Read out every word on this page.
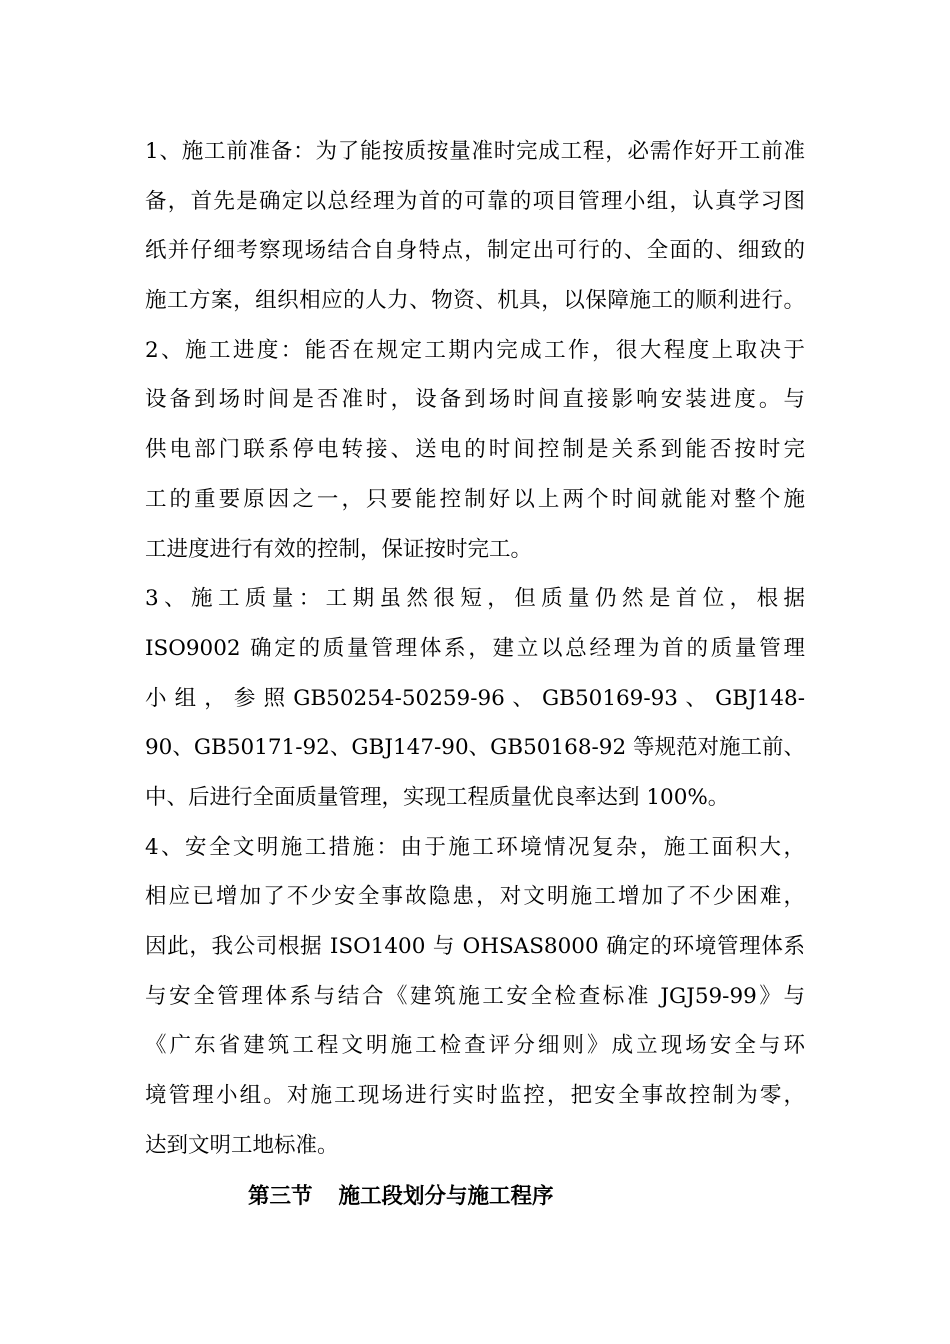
1、施工前准备：为了能按质按量准时完成工程，必需作好开工前准
备，首先是确定以总经理为首的可靠的项目管理小组，认真学习图
纸并仔细考察现场结合自身特点，制定出可行的、全面的、细致的
施工方案，组织相应的人力、物资、机具，以保障施工的顺利进行。
2、施工进度：能否在规定工期内完成工作，很大程度上取决于
设备到场时间是否准时，设备到场时间直接影响安装进度。与
供电部门联系停电转接、送电的时间控制是关系到能否按时完
工的重要原因之一，只要能控制好以上两个时间就能对整个施
工进度进行有效的控制，保证按时完工。
3、施工质量：工期虽然很短，但质量仍然是首位，根据
ISO9002 确定的质量管理体系，建立以总经理为首的质量管理
小 组 ， 参 照 GB50254-50259-96 、 GB50169-93 、 GBJ148-
90、GB50171-92、GBJ147-90、GB50168-92 等规范对施工前、
中、后进行全面质量管理，实现工程质量优良率达到 100%。
4、安全文明施工措施：由于施工环境情况复杂，施工面积大，
相应已增加了不少安全事故隐患，对文明施工增加了不少困难，
因此，我公司根据 ISO1400 与 OHSAS8000 确定的环境管理体系
与安全管理体系与结合《建筑施工安全检查标准 JGJ59-99》与
《广东省建筑工程文明施工检查评分细则》成立现场安全与环
境管理小组。对施工现场进行实时监控，把安全事故控制为零，
达到文明工地标准。
第三节 施工段划分与施工程序
